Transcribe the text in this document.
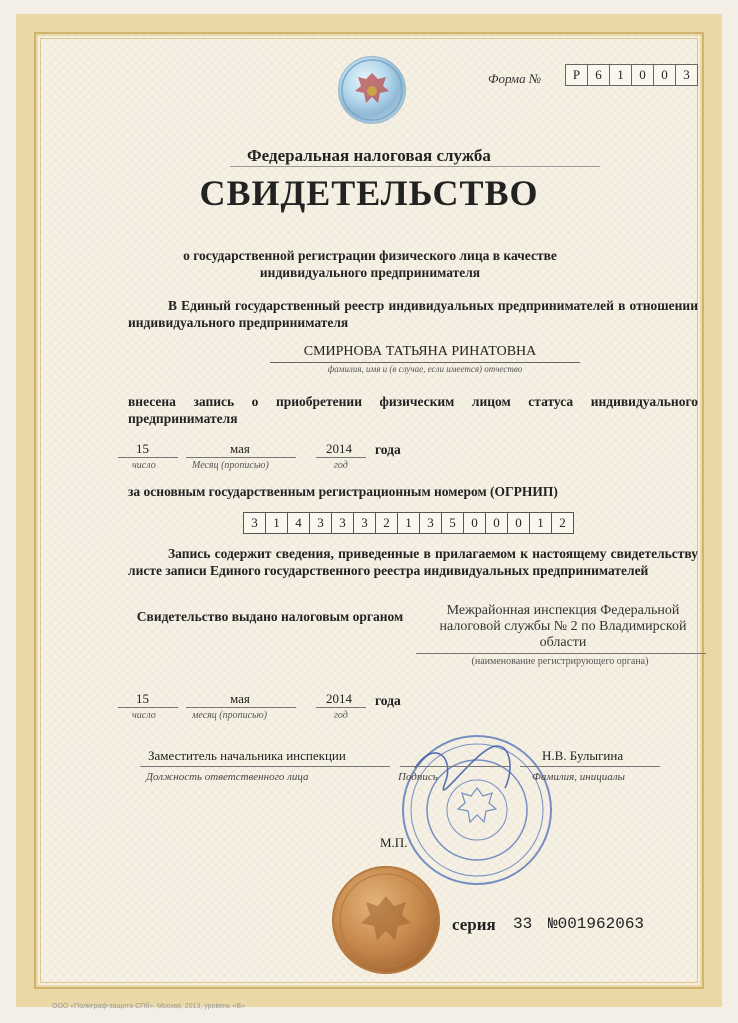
Форма №	Р	6	1	0	0	3
Федеральная налоговая служба
СВИДЕТЕЛЬСТВО
о государственной регистрации физического лица в качестве индивидуального предпринимателя
В Единый государственный реестр индивидуальных предпринимателей в отношении индивидуального предпринимателя
СМИРНОВА ТАТЬЯНА РИНАТОВНА
фамилия, имя и (в случае, если имеется) отчество
внесена запись о приобретении физическим лицом статуса индивидуального предпринимателя
15
число
мая
Месяц (прописью)
2014
год
года
за основным государственным регистрационным номером (ОГРНИП)
3	1	4	3	3	3	2	1	3	5	0	0	0	1	2
Запись содержит сведения, приведенные в прилагаемом к настоящему свидетельству листе записи Единого государственного реестра индивидуальных предпринимателей
Свидетельство выдано налоговым органом	Межрайонная инспекция Федеральной налоговой службы № 2 по Владимирской области
(наименование регистрирующего органа)
15
число
мая
месяц (прописью)
2014
год
года
Заместитель начальника инспекции	Н.В. Булыгина
Должность ответственного лица	Подпись	Фамилия, инициалы
М.П.
серия 33 №001962063
ООО «Полиграф-защита СПб», Москва, 2013, уровень «В»
